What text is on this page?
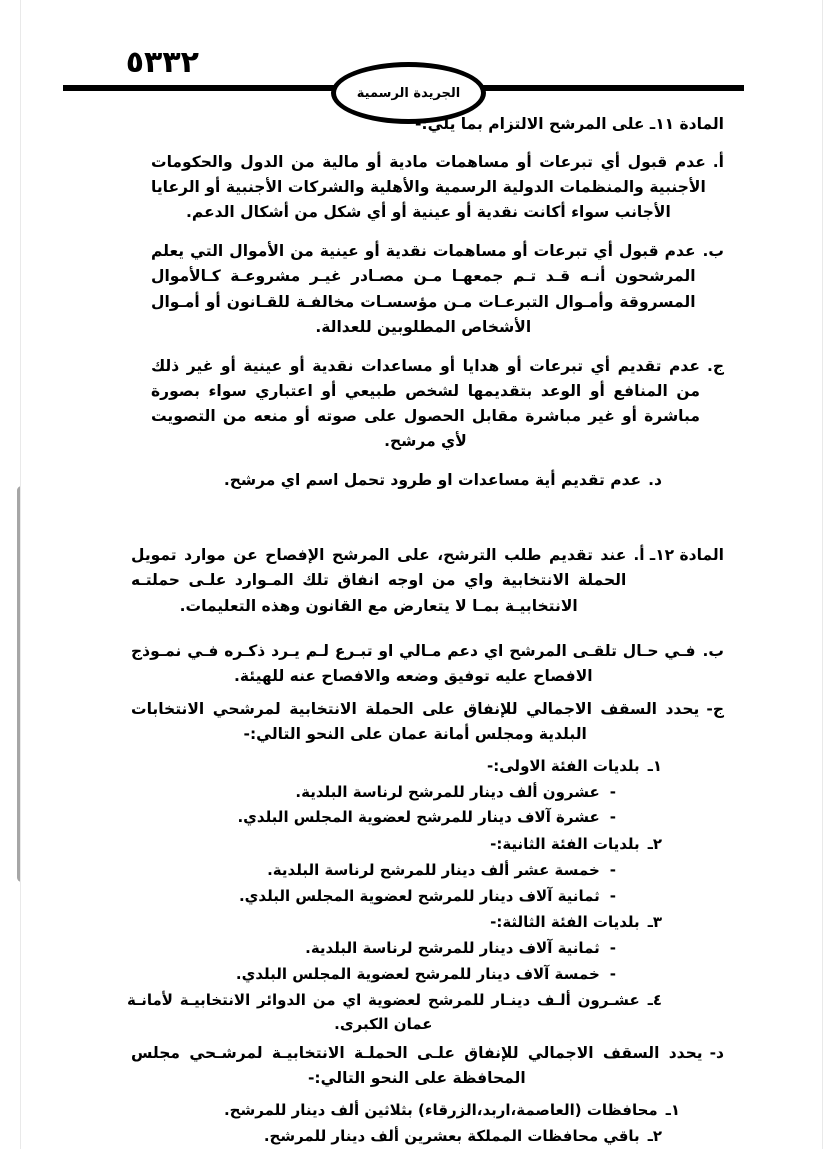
٥٣٣٢
الجريدة الرسمية
المادة ١١ـ على المرشح الالتزام بما يلي:-
أ.
عدم قبول أي تبرعات أو مساهمات مادية أو مالية من الدول والحكومات الأجنبية والمنظمات الدولية الرسمية والأهلية والشركات الأجنبية أو الرعايا الأجانب سواء أكانت نقدية أو عينية أو أي شكل من أشكال الدعم.
ب.
عدم قبول أي تبرعات أو مساهمات نقدية أو عينية من الأموال التي يعلم المرشحون أنـه قـد تـم جمعهـا مـن مصـادر غيـر مشروعـة كـالأموال المسروقة وأمـوال التبرعـات مـن مؤسسـات مخالفـة للقـانون أو أمـوال الأشخاص المطلوبين للعدالة.
ج.
عدم تقديم أي تبرعات أو هدايا أو مساعدات نقدية أو عينية أو غير ذلك من المنافع أو الوعد بتقديمها لشخص طبيعي أو اعتباري سواء بصورة مباشرة أو غير مباشرة مقابل الحصول على صوته أو منعه من التصويت لأي مرشح.
د.
عدم تقديم أية مساعدات او طرود تحمل اسم اي مرشح.
المادة ١٢ـ أ.
عند تقديم طلب الترشح، على المرشح الإفصاح عن موارد تمويل الحملة الانتخابية واي من اوجه انفاق تلك المـوارد علـى حملتـه الانتخابيـة بمـا لا يتعارض مع القانون وهذه التعليمات.
ب.
فـي حـال تلقـى المرشح اي دعم مـالي او تبـرع لـم يـرد ذكـره فـي نمـوذج الافصاح عليه توفيق وضعه والافصاح عنه للهيئة.
ج-
يحدد السقف الاجمالي للإنفاق على الحملة الانتخابية لمرشحي الانتخابات البلدية ومجلس أمانة عمان على النحو التالي:-
١ـ
بلديات الفئة الاولى:-
-
عشرون ألف دينار للمرشح لرناسة البلدية.
-
عشرة آلاف دينار للمرشح لعضوية المجلس البلدي.
٢ـ
بلديات الفئة الثانية:-
-
خمسة عشر ألف دينار للمرشح لرناسة البلدية.
-
ثمانية آلاف دينار للمرشح لعضوية المجلس البلدي.
٣ـ
بلديات الفئة الثالثة:-
-
ثمانية آلاف دينار للمرشح لرناسة البلدية.
-
خمسة آلاف دينار للمرشح لعضوية المجلس البلدي.
٤ـ
عشـرون ألـف دينـار للمرشح لعضوية اي من الدوائر الانتخابيـة لأمانـة عمان الكبرى.
د-
يحدد السقف الاجمالي للإنفاق علـى الحملـة الانتخابيـة لمرشـحي مجلس المحافظة على النحو التالي:-
١ـ
محافظات (العاصمة،اربد،الزرقاء) بثلاثين ألف دينار للمرشح.
٢ـ
باقي محافظات المملكة بعشرين ألف دينار للمرشح.
